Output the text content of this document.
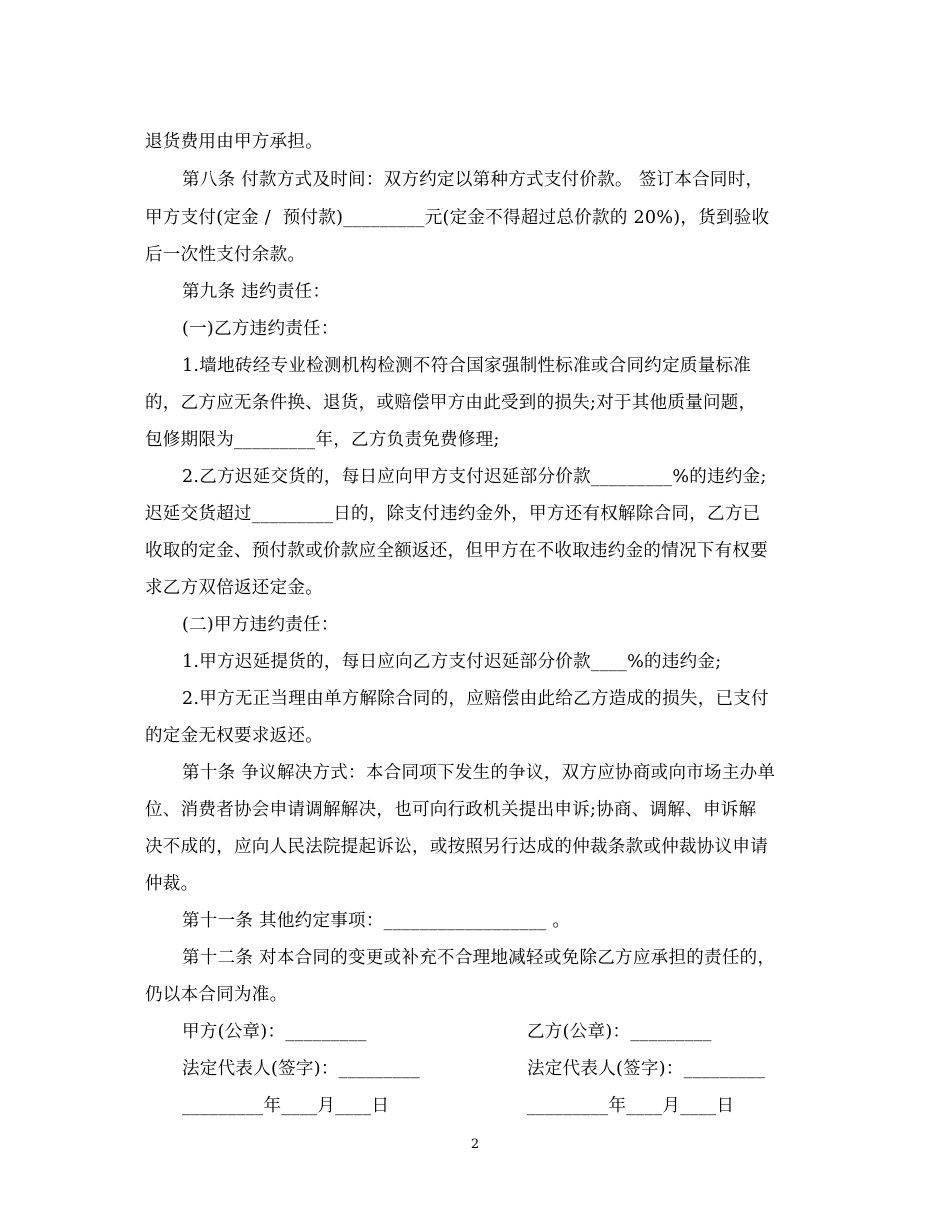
退货费用由甲方承担。
第八条 付款方式及时间：双方约定以第种方式支付价款。 签订本合同时，
甲方支付(定金 /  预付款)_________元(定金不得超过总价款的 20%)，货到验收
后一次性支付余款。
第九条 违约责任：
(一)乙方违约责任：
1.墙地砖经专业检测机构检测不符合国家强制性标准或合同约定质量标准
的，乙方应无条件换、退货，或赔偿甲方由此受到的损失;对于其他质量问题，
包修期限为_________年，乙方负责免费修理;
2.乙方迟延交货的，每日应向甲方支付迟延部分价款_________%的违约金;
迟延交货超过_________日的，除支付违约金外，甲方还有权解除合同，乙方已
收取的定金、预付款或价款应全额返还，但甲方在不收取违约金的情况下有权要
求乙方双倍返还定金。
(二)甲方违约责任：
1.甲方迟延提货的，每日应向乙方支付迟延部分价款____%的违约金;
2.甲方无正当理由单方解除合同的，应赔偿由此给乙方造成的损失，已支付
的定金无权要求返还。
第十条 争议解决方式：本合同项下发生的争议，双方应协商或向市场主办单
位、消费者协会申请调解解决，也可向行政机关提出申诉;协商、调解、申诉解
决不成的，应向人民法院提起诉讼，或按照另行达成的仲裁条款或仲裁协议申请
仲裁。
第十一条 其他约定事项：__________________ 。
第十二条 对本合同的变更或补充不合理地减轻或免除乙方应承担的责任的，
仍以本合同为准。
甲方(公章)：_________	乙方(公章)：_________
法定代表人(签字)：_________	法定代表人(签字)：_________
_________年____月____日	_________年____月____日
2
